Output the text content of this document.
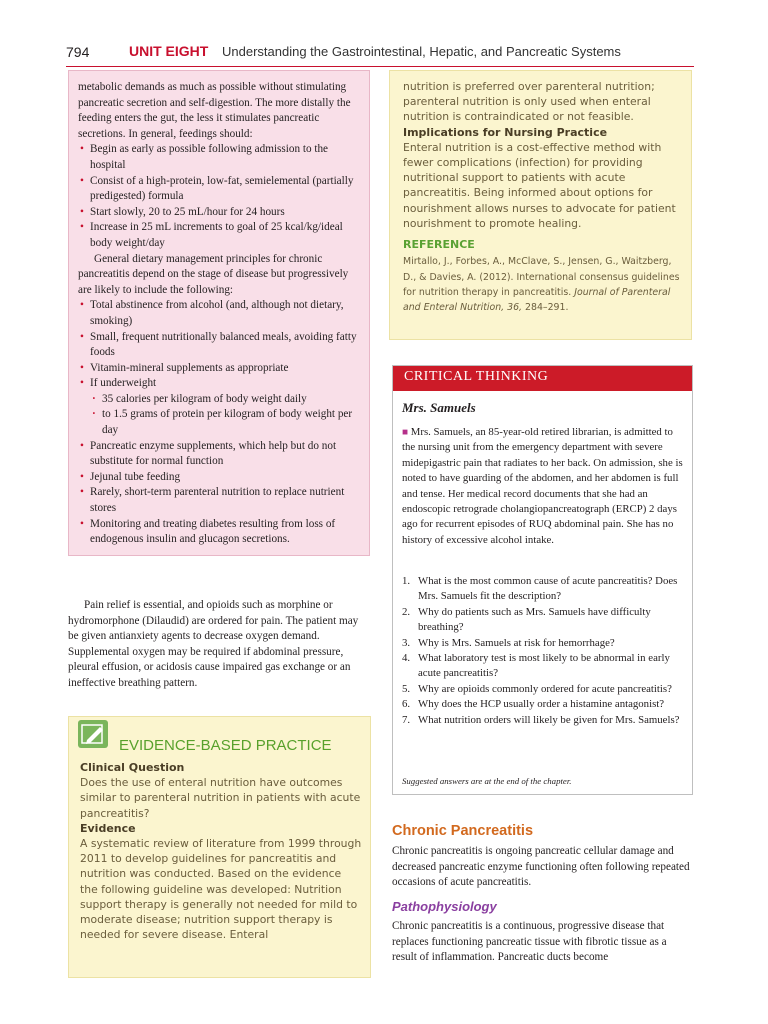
794	UNIT EIGHT Understanding the Gastrointestinal, Hepatic, and Pancreatic Systems

metabolic demands as much as possible without stimulating pancreatic secretion and self-digestion. The more distally the feeding enters the gut, the less it stimulates pancreatic secretions. In general, feedings should:

• Begin as early as possible following admission to the hospital
• Consist of a high-protein, low-fat, semielemental (partially predigested) formula
• Start slowly, 20 to 25 mL/hour for 24 hours
• Increase in 25 mL increments to goal of 25 kcal/kg/ideal body weight/day

General dietary management principles for chronic pancreatitis depend on the stage of disease but progressively are likely to include the following:

• Total abstinence from alcohol (and, although not dietary, smoking)
• Small, frequent nutritionally balanced meals, avoiding fatty foods
• Vitamin-mineral supplements as appropriate
• If underweight
· 35 calories per kilogram of body weight daily
· to 1.5 grams of protein per kilogram of body weight per day
• Pancreatic enzyme supplements, which help but do not substitute for normal function
• Jejunal tube feeding
• Rarely, short-term parenteral nutrition to replace nutrient stores
• Monitoring and treating diabetes resulting from loss of endogenous insulin and glucagon secretions.

Pain relief is essential, and opioids such as morphine or hydromorphone (Dilaudid) are ordered for pain. The patient may be given antianxiety agents to decrease oxygen demand. Supplemental oxygen may be required if abdominal pressure, pleural effusion, or acidosis cause impaired gas exchange or an ineffective breathing pattern.

EVIDENCE-BASED PRACTICE
Clinical Question

Does the use of enteral nutrition have outcomes similar to parenteral nutrition in patients with acute pancreatitis?

Evidence

A systematic review of literature from 1999 through 2011 to develop guidelines for pancreatitis and nutrition was conducted. Based on the evidence the following guideline was developed: Nutrition support therapy is generally not needed for mild to moderate disease; nutrition support therapy is needed for severe disease. Enteral

nutrition is preferred over parenteral nutrition; parenteral nutrition is only used when enteral nutrition is contraindicated or not feasible.

Implications for Nursing Practice

Enteral nutrition is a cost-effective method with fewer complications (infection) for providing nutritional support to patients with acute pancreatitis. Being informed about options for nourishment allows nurses to advocate for patient nourishment to promote healing.

REFERENCE
Mirtallo, J., Forbes, A., McClave, S., Jensen, G., Waitzberg, D., & Davies, A. (2012). International consensus guidelines for nutrition therapy in pancreatitis. Journal of Parenteral and Enteral Nutrition, 36, 284–291.
CRITICAL THINKING
Mrs. Samuels

■ Mrs. Samuels, an 85-year-old retired librarian, is admitted to the nursing unit from the emergency department with severe midepigastric pain that radiates to her back. On admission, she is noted to have guarding of the abdomen, and her abdomen is full and tense. Her medical record documents that she had an endoscopic retrograde cholangiopancreatograph (ERCP) 2 days ago for recurrent episodes of RUQ abdominal pain. She has no history of excessive alcohol intake.

1. What is the most common cause of acute pancreatitis? Does Mrs. Samuels fit the description?
2. Why do patients such as Mrs. Samuels have difficulty breathing?
3. Why is Mrs. Samuels at risk for hemorrhage?
4. What laboratory test is most likely to be abnormal in early acute pancreatitis?
5. Why are opioids commonly ordered for acute pancreatitis?
6. Why does the HCP usually order a histamine antagonist?
7. What nutrition orders will likely be given for Mrs. Samuels?
Suggested answers are at the end of the chapter.
Chronic Pancreatitis

Chronic pancreatitis is ongoing pancreatic cellular damage and decreased pancreatic enzyme functioning often following repeated occasions of acute pancreatitis.

Pathophysiology

Chronic pancreatitis is a continuous, progressive disease that replaces functioning pancreatic tissue with fibrotic tissue as a result of inflammation. Pancreatic ducts become
